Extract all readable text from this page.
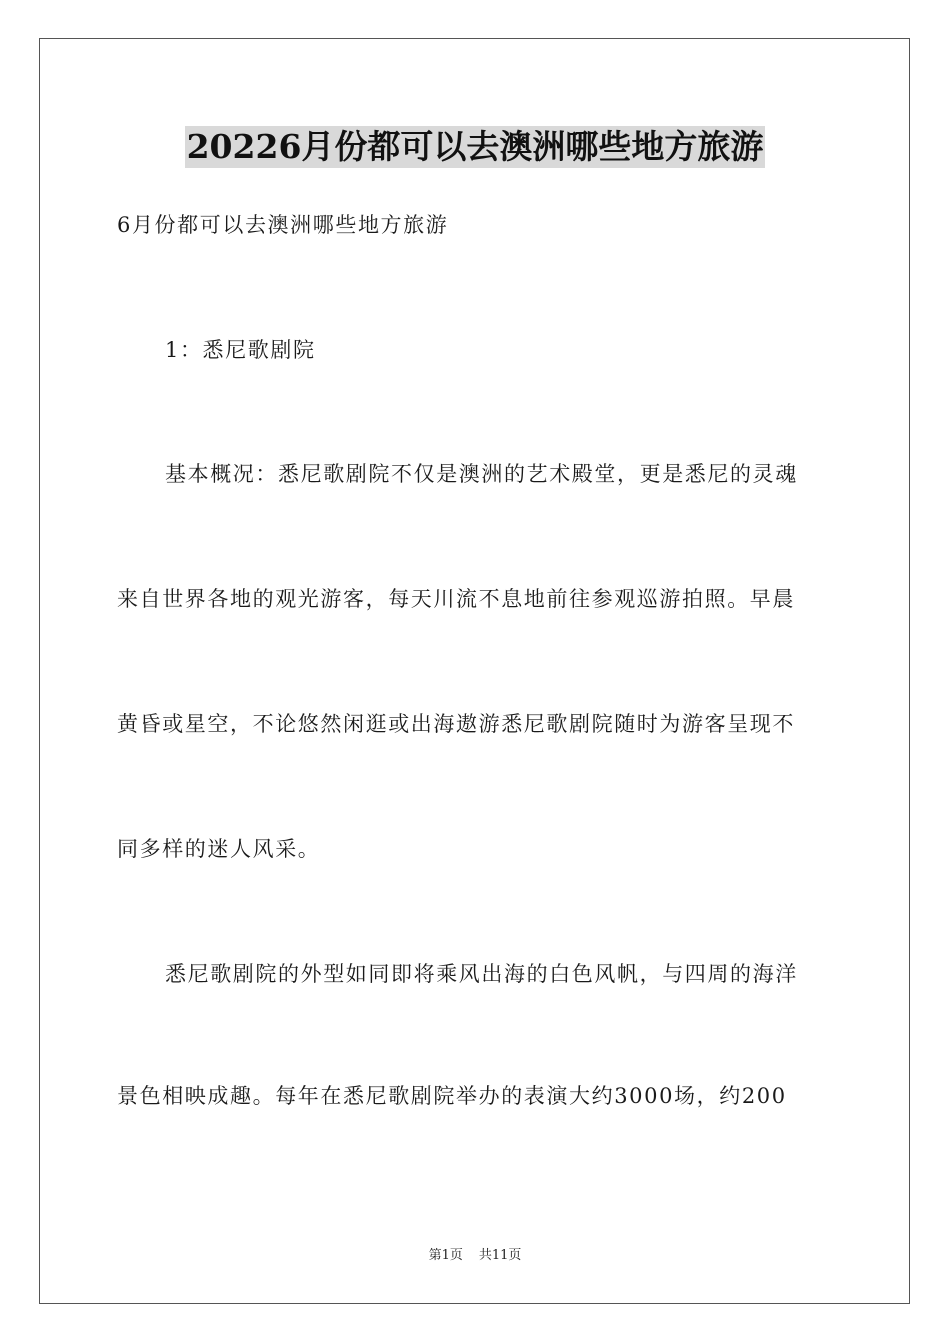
20226月份都可以去澳洲哪些地方旅游
6月份都可以去澳洲哪些地方旅游
1：悉尼歌剧院
基本概况：悉尼歌剧院不仅是澳洲的艺术殿堂，更是悉尼的灵魂
来自世界各地的观光游客，每天川流不息地前往参观巡游拍照。早晨
黄昏或星空，不论悠然闲逛或出海遨游悉尼歌剧院随时为游客呈现不
同多样的迷人风采。
悉尼歌剧院的外型如同即将乘风出海的白色风帆，与四周的海洋
景色相映成趣。每年在悉尼歌剧院举办的表演大约3000场，约200
第1页 共11页
